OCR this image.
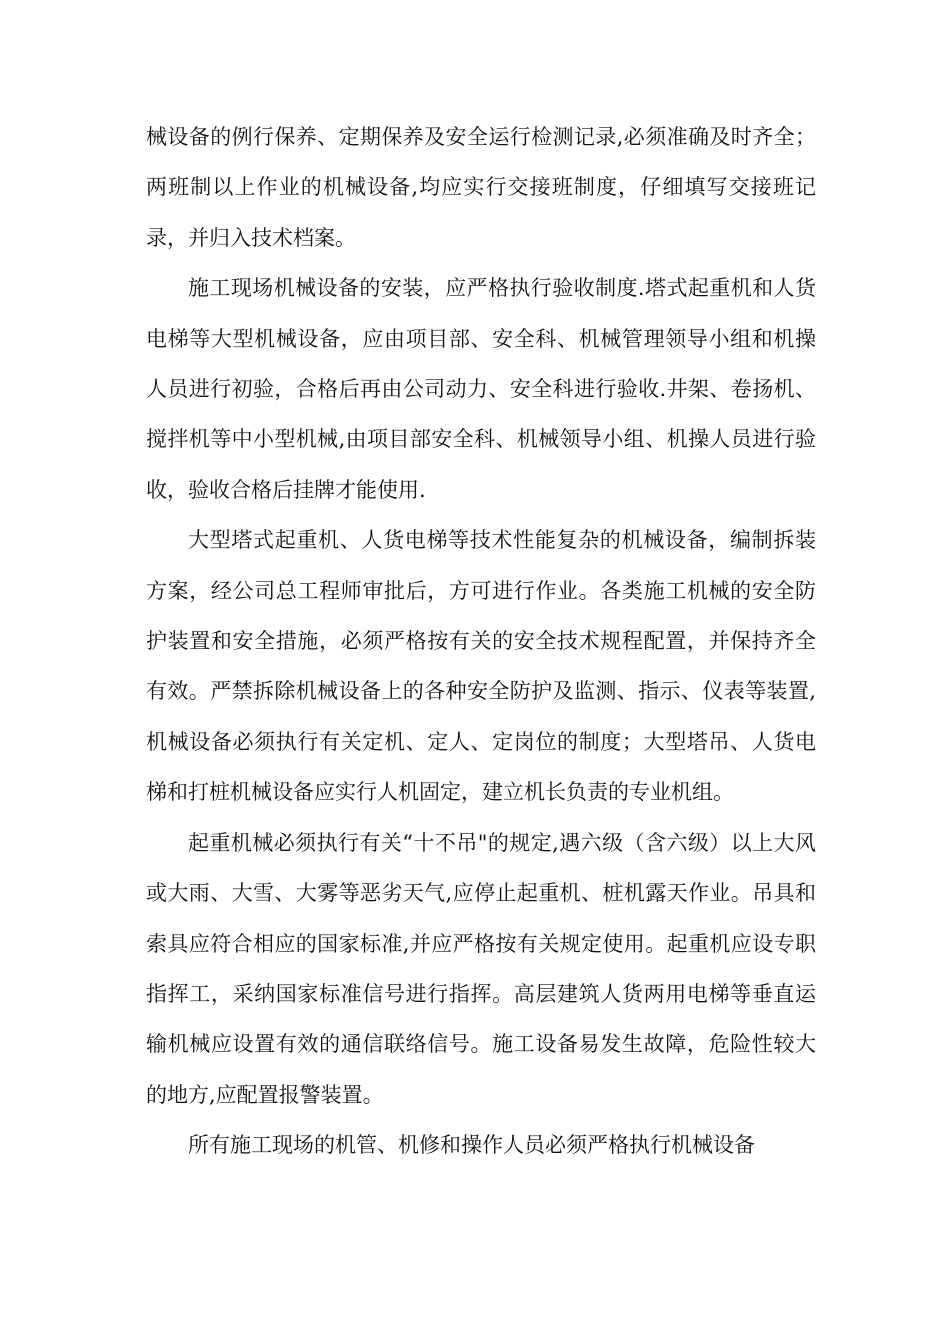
械设备的例行保养、定期保养及安全运行检测记录,必须准确及时齐全；两班制以上作业的机械设备,均应实行交接班制度，仔细填写交接班记录，并归入技术档案。

施工现场机械设备的安装，应严格执行验收制度.塔式起重机和人货电梯等大型机械设备，应由项目部、安全科、机械管理领导小组和机操人员进行初验，合格后再由公司动力、安全科进行验收.井架、卷扬机、搅拌机等中小型机械,由项目部安全科、机械领导小组、机操人员进行验收，验收合格后挂牌才能使用.

大型塔式起重机、人货电梯等技术性能复杂的机械设备，编制拆装方案，经公司总工程师审批后，方可进行作业。各类施工机械的安全防护装置和安全措施，必须严格按有关的安全技术规程配置，并保持齐全有效。严禁拆除机械设备上的各种安全防护及监测、指示、仪表等装置,机械设备必须执行有关定机、定人、定岗位的制度；大型塔吊、人货电梯和打桩机械设备应实行人机固定，建立机长负责的专业机组。

起重机械必须执行有关“十不吊"的规定,遇六级（含六级）以上大风或大雨、大雪、大雾等恶劣天气,应停止起重机、桩机露天作业。吊具和索具应符合相应的国家标准,并应严格按有关规定使用。起重机应设专职指挥工，采纳国家标准信号进行指挥。高层建筑人货两用电梯等垂直运输机械应设置有效的通信联络信号。施工设备易发生故障，危险性较大的地方,应配置报警装置。

所有施工现场的机管、机修和操作人员必须严格执行机械设备
